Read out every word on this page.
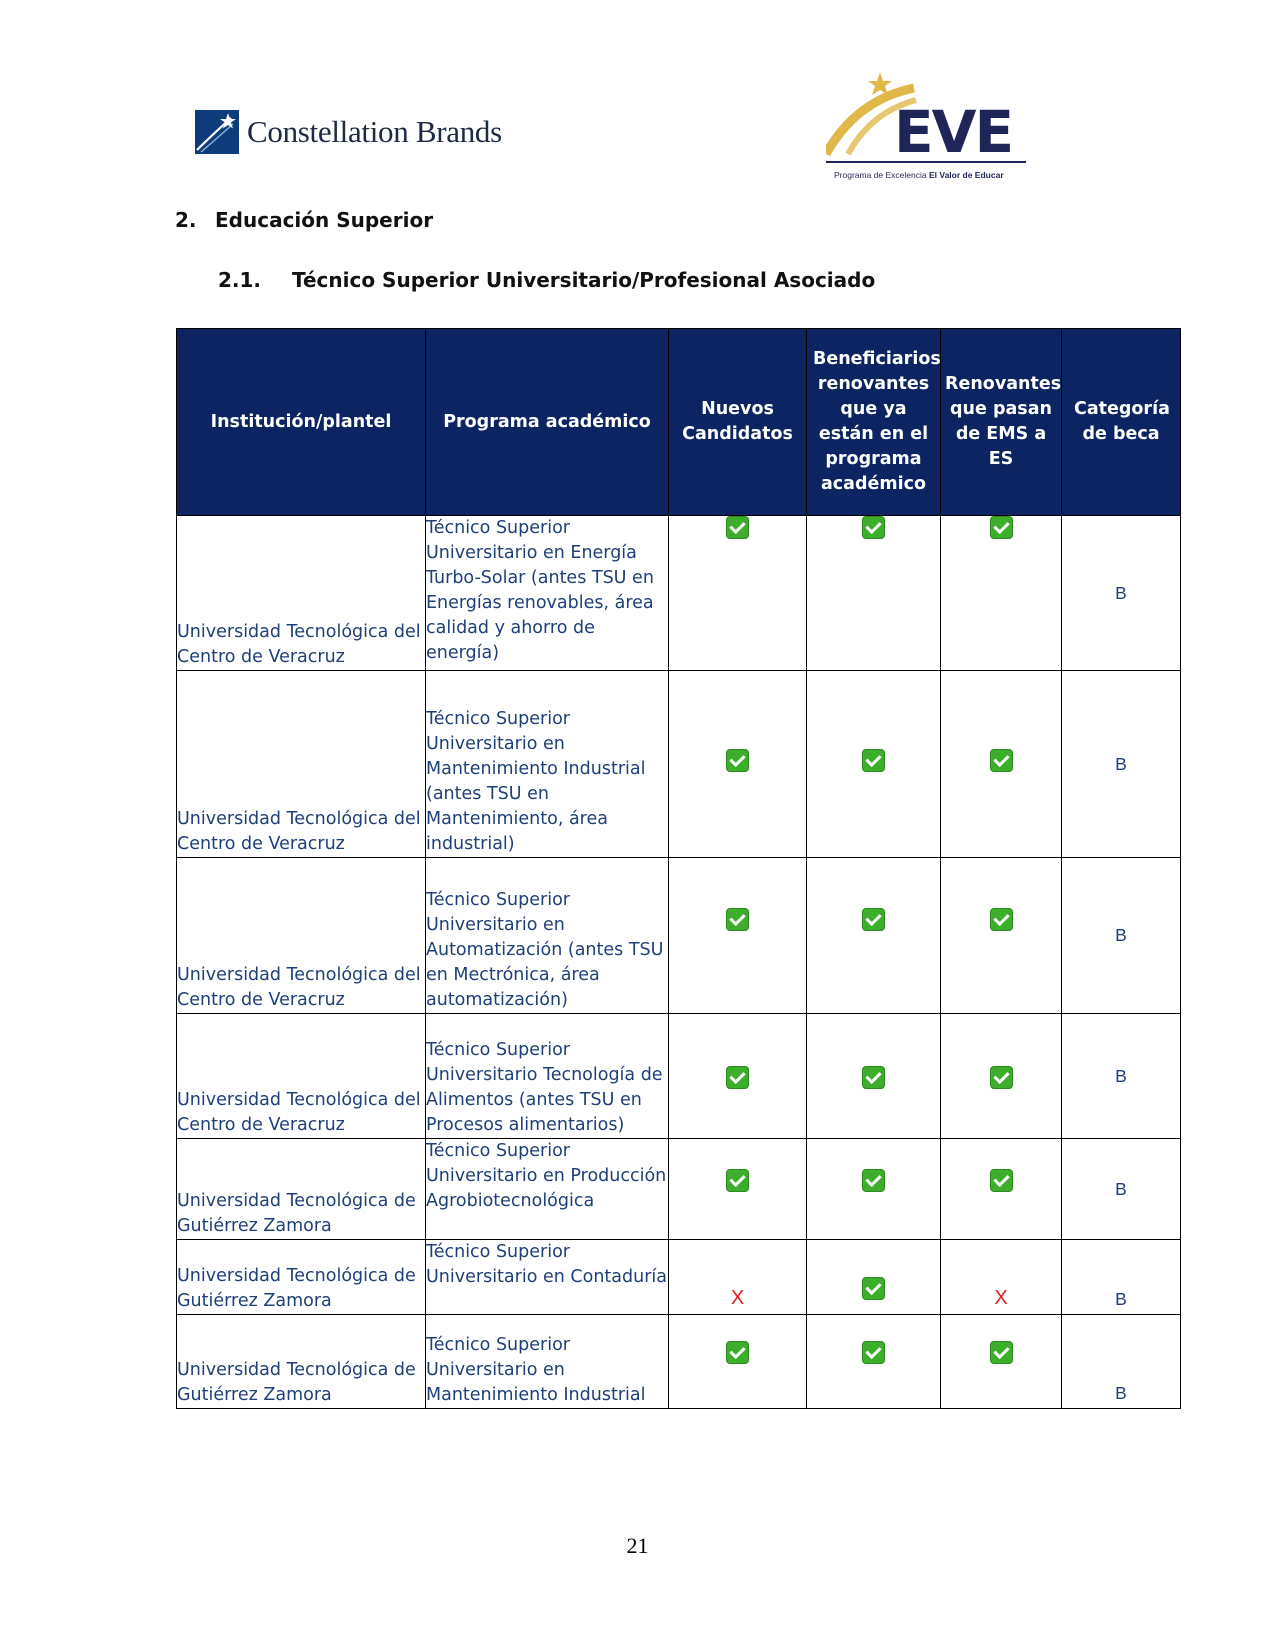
Constellation Brands	EVE
Programa de Excelencia El Valor de Educar
2. Educación Superior
2.1. Técnico Superior Universitario/Profesional Asociado
Institución/plantel	Programa académico	Nuevos Candidatos	Beneficiarios renovantes que ya están en el programa académico	Renovantes que pasan de EMS a ES	Categoría de beca
Universidad Tecnológica del Centro de Veracruz	Técnico Superior Universitario en Energía Turbo-Solar (antes TSU en Energías renovables, área calidad y ahorro de energía)				B
Universidad Tecnológica del Centro de Veracruz	Técnico Superior Universitario en Mantenimiento Industrial (antes TSU en Mantenimiento, área industrial)				B
Universidad Tecnológica del Centro de Veracruz	Técnico Superior Universitario en Automatización (antes TSU en Mectrónica, área automatización)				B
Universidad Tecnológica del Centro de Veracruz	Técnico Superior Universitario Tecnología de Alimentos (antes TSU en Procesos alimentarios)				B
Universidad Tecnológica de Gutiérrez Zamora	Técnico Superior Universitario en Producción Agrobiotecnológica				B
Universidad Tecnológica de Gutiérrez Zamora	Técnico Superior Universitario en Contaduría	X		X	B
Universidad Tecnológica de Gutiérrez Zamora	Técnico Superior Universitario en Mantenimiento Industrial				B
21
